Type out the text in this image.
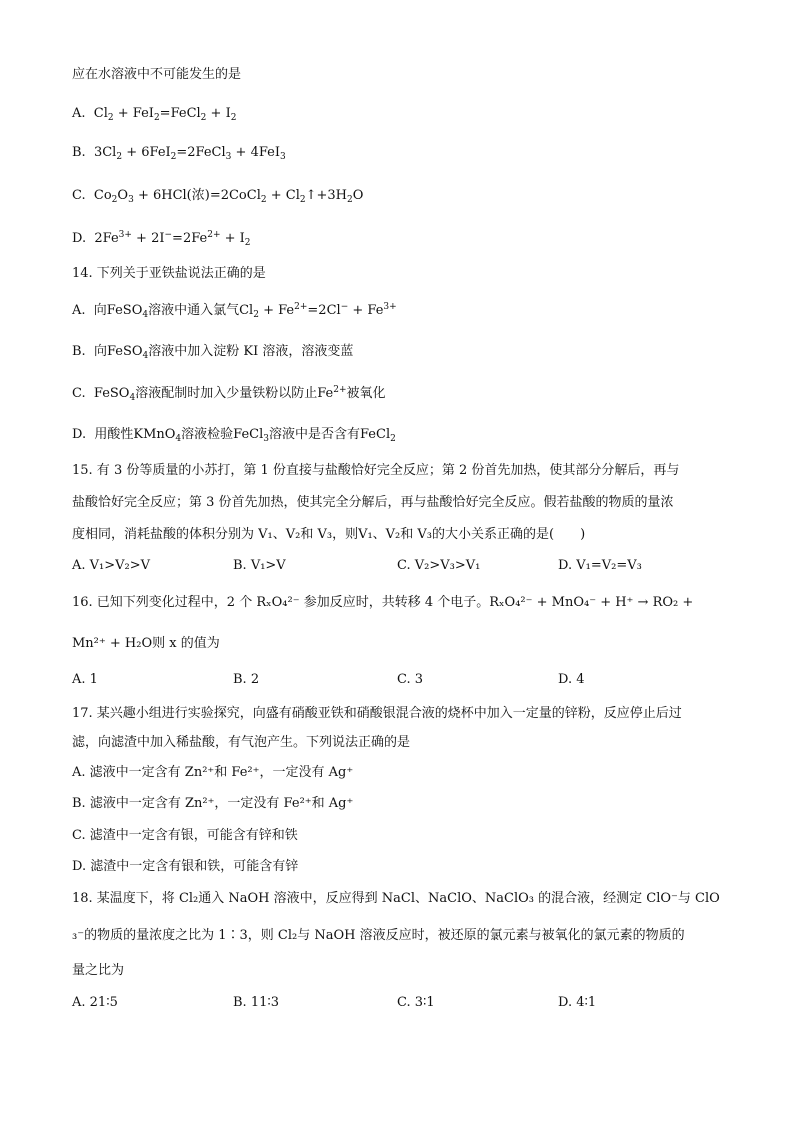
应在水溶液中不可能发生的是
A. $Cl_2$ + FeI$_2$=FeCl$_2$ + $I_2$
B. $3Cl_2$ + 6FeI$_2$=2FeCl$_3$ + 4FeI$_3$
C. $Co_2O_3 + 6HCl$(浓)=2CoCl$_2$ + $Cl_2↑+3H_2O$
D. $2Fe^{3+} + 2I^-=2Fe^{2+} + I_2$
14. 下列关于亚铁盐说法正确的是
A. 向FeSO$_4$溶液中通入氯气$Cl_2 + Fe^{2+}=2Cl^- + Fe^{3+}$
B. 向FeSO$_4$溶液中加入淀粉 KI 溶液，溶液变蓝
C. FeSO$_4$溶液配制时加入少量铁粉以防止$Fe^{2+}$被氧化
D. 用酸性KMnO$_4$溶液检验FeCl$_3$溶液中是否含有FeCl$_2$
15. 有 3 份等质量的小苏打，第 1 份直接与盐酸恰好完全反应；第 2 份首先加热，使其部分分解后，再与
盐酸恰好完全反应；第 3 份首先加热，使其完全分解后，再与盐酸恰好完全反应。假若盐酸的物质的量浓
度相同，消耗盐酸的体积分别为 V₁、V₂和 V₃，则V₁、V₂和 V₃的大小关系正确的是(　　)
A. V₁>V₂>V	B. V₁>V	C. V₂>V₃>V₁	D. V₁=V₂=V₃
16. 已知下列变化过程中，2 个 RₓO₄²⁻ 参加反应时，共转移 4 个电子。RₓO₄²⁻ + MnO₄⁻ + H⁺ → RO₂ +
Mn²⁺ + H₂O则 x 的值为
A. 1	B. 2	C. 3	D. 4
17. 某兴趣小组进行实验探究，向盛有硝酸亚铁和硝酸银混合液的烧杯中加入一定量的锌粉，反应停止后过
滤，向滤渣中加入稀盐酸，有气泡产生。下列说法正确的是
A. 滤液中一定含有 Zn²⁺和 Fe²⁺，一定没有 Ag⁺
B. 滤液中一定含有 Zn²⁺，一定没有 Fe²⁺和 Ag⁺
C. 滤渣中一定含有银，可能含有锌和铁
D. 滤渣中一定含有银和铁，可能含有锌
18. 某温度下，将 Cl₂通入 NaOH 溶液中，反应得到 NaCl、NaClO、NaClO₃ 的混合液，经测定 ClO⁻与 ClO
₃⁻的物质的量浓度之比为 1∶3，则 Cl₂与 NaOH 溶液反应时，被还原的氯元素与被氧化的氯元素的物质的
量之比为
A. 21∶5	B. 11∶3	C. 3∶1	D. 4∶1
